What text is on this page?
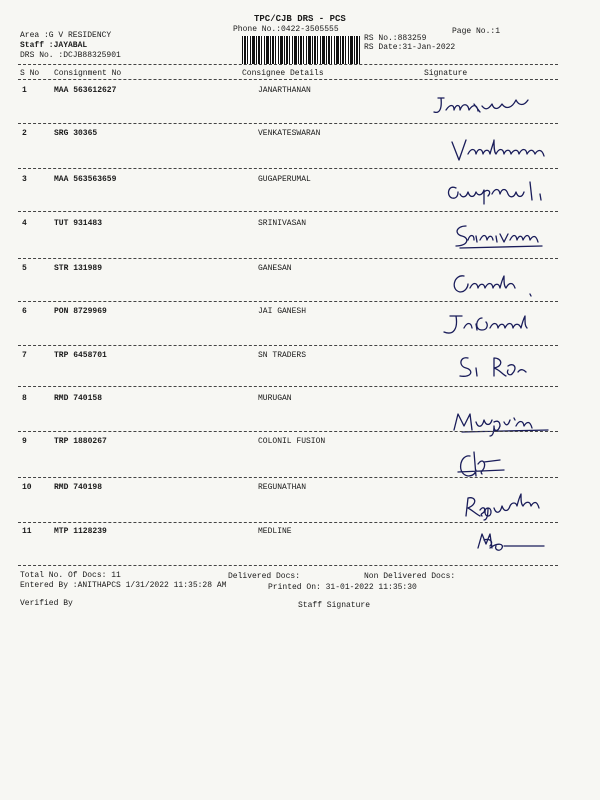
TPC/CJB DRS - PCS
Phone No.:0422-3505555
Area :G V RESIDENCY
Staff :JAYABAL
DRS No. :DCJB88325901
RS No.:883259
RS Date:31-Jan-2022
Page No.:1
S No Consignment No	Consignee Details	Signature
1	MAA 563612627	JANARTHANAN
2	SRG 30365	VENKATESWARAN
3	MAA 563563659	GUGAPERUMAL
4	TUT 931483	SRINIVASAN
5	STR 131989	GANESAN
6	PON 8729969	JAI GANESH
7	TRP 6458701	SN TRADERS
8	RMD 740158	MURUGAN
9	TRP 1880267	COLONIL FUSION
10	RMD 740198	REGUNATHAN
11	MTP 1128239	MEDLINE
Total No. Of Docs: 11	Delivered Docs:	Non Delivered Docs:
Entered By :ANITHAPCS 1/31/2022 11:35:28 AM	Printed On: 31-01-2022 11:35:30
Verified By	Staff Signature
